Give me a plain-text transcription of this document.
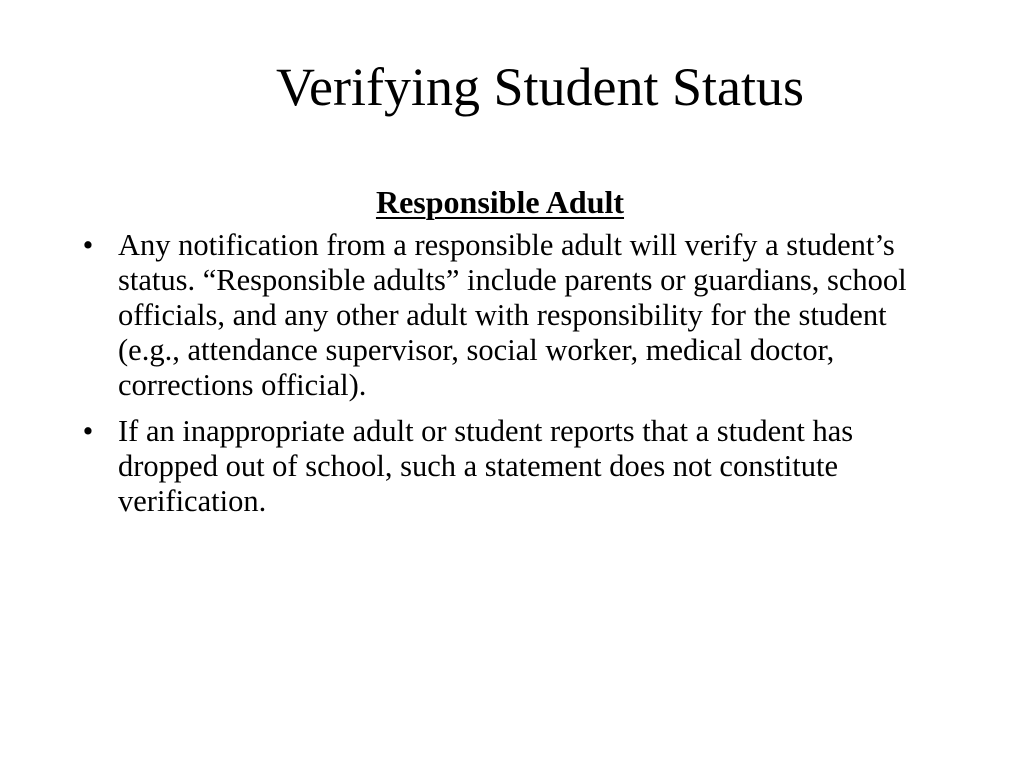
Verifying Student Status
Responsible Adult
• Any notification from a responsible adult will verify a student’s status. “Responsible adults” include parents or guardians, school officials, and any other adult with responsibility for the student (e.g., attendance supervisor, social worker, medical doctor, corrections official).
• If an inappropriate adult or student reports that a student has dropped out of school, such a statement does not constitute verification.
